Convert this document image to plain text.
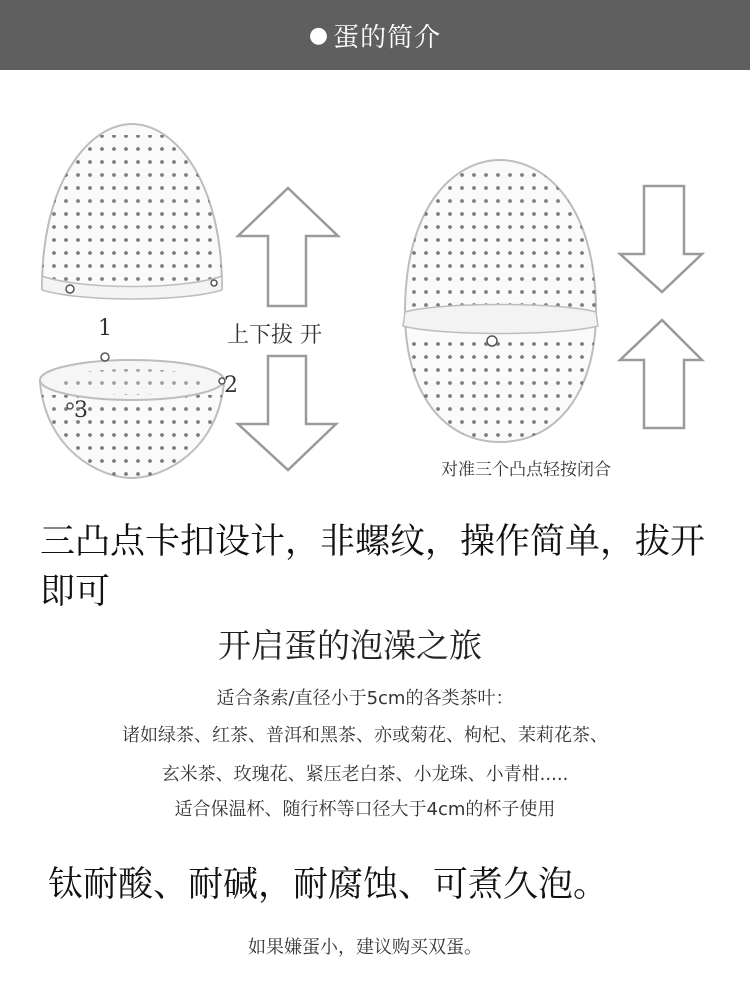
● 蛋的简介
1
2
3
上下拔 开
对准三个凸点轻按闭合
三凸点卡扣设计，非螺纹，操作简单，拔开即可
开启蛋的泡澡之旅
适合条索/直径小于5cm的各类茶叶：
诸如绿茶、红茶、普洱和黑茶、亦或菊花、枸杞、茉莉花茶、
玄米茶、玫瑰花、紧压老白茶、小龙珠、小青柑.....
适合保温杯、随行杯等口径大于4cm的杯子使用
钛耐酸、耐碱，耐腐蚀、可煮久泡。
如果嫌蛋小，建议购买双蛋。
